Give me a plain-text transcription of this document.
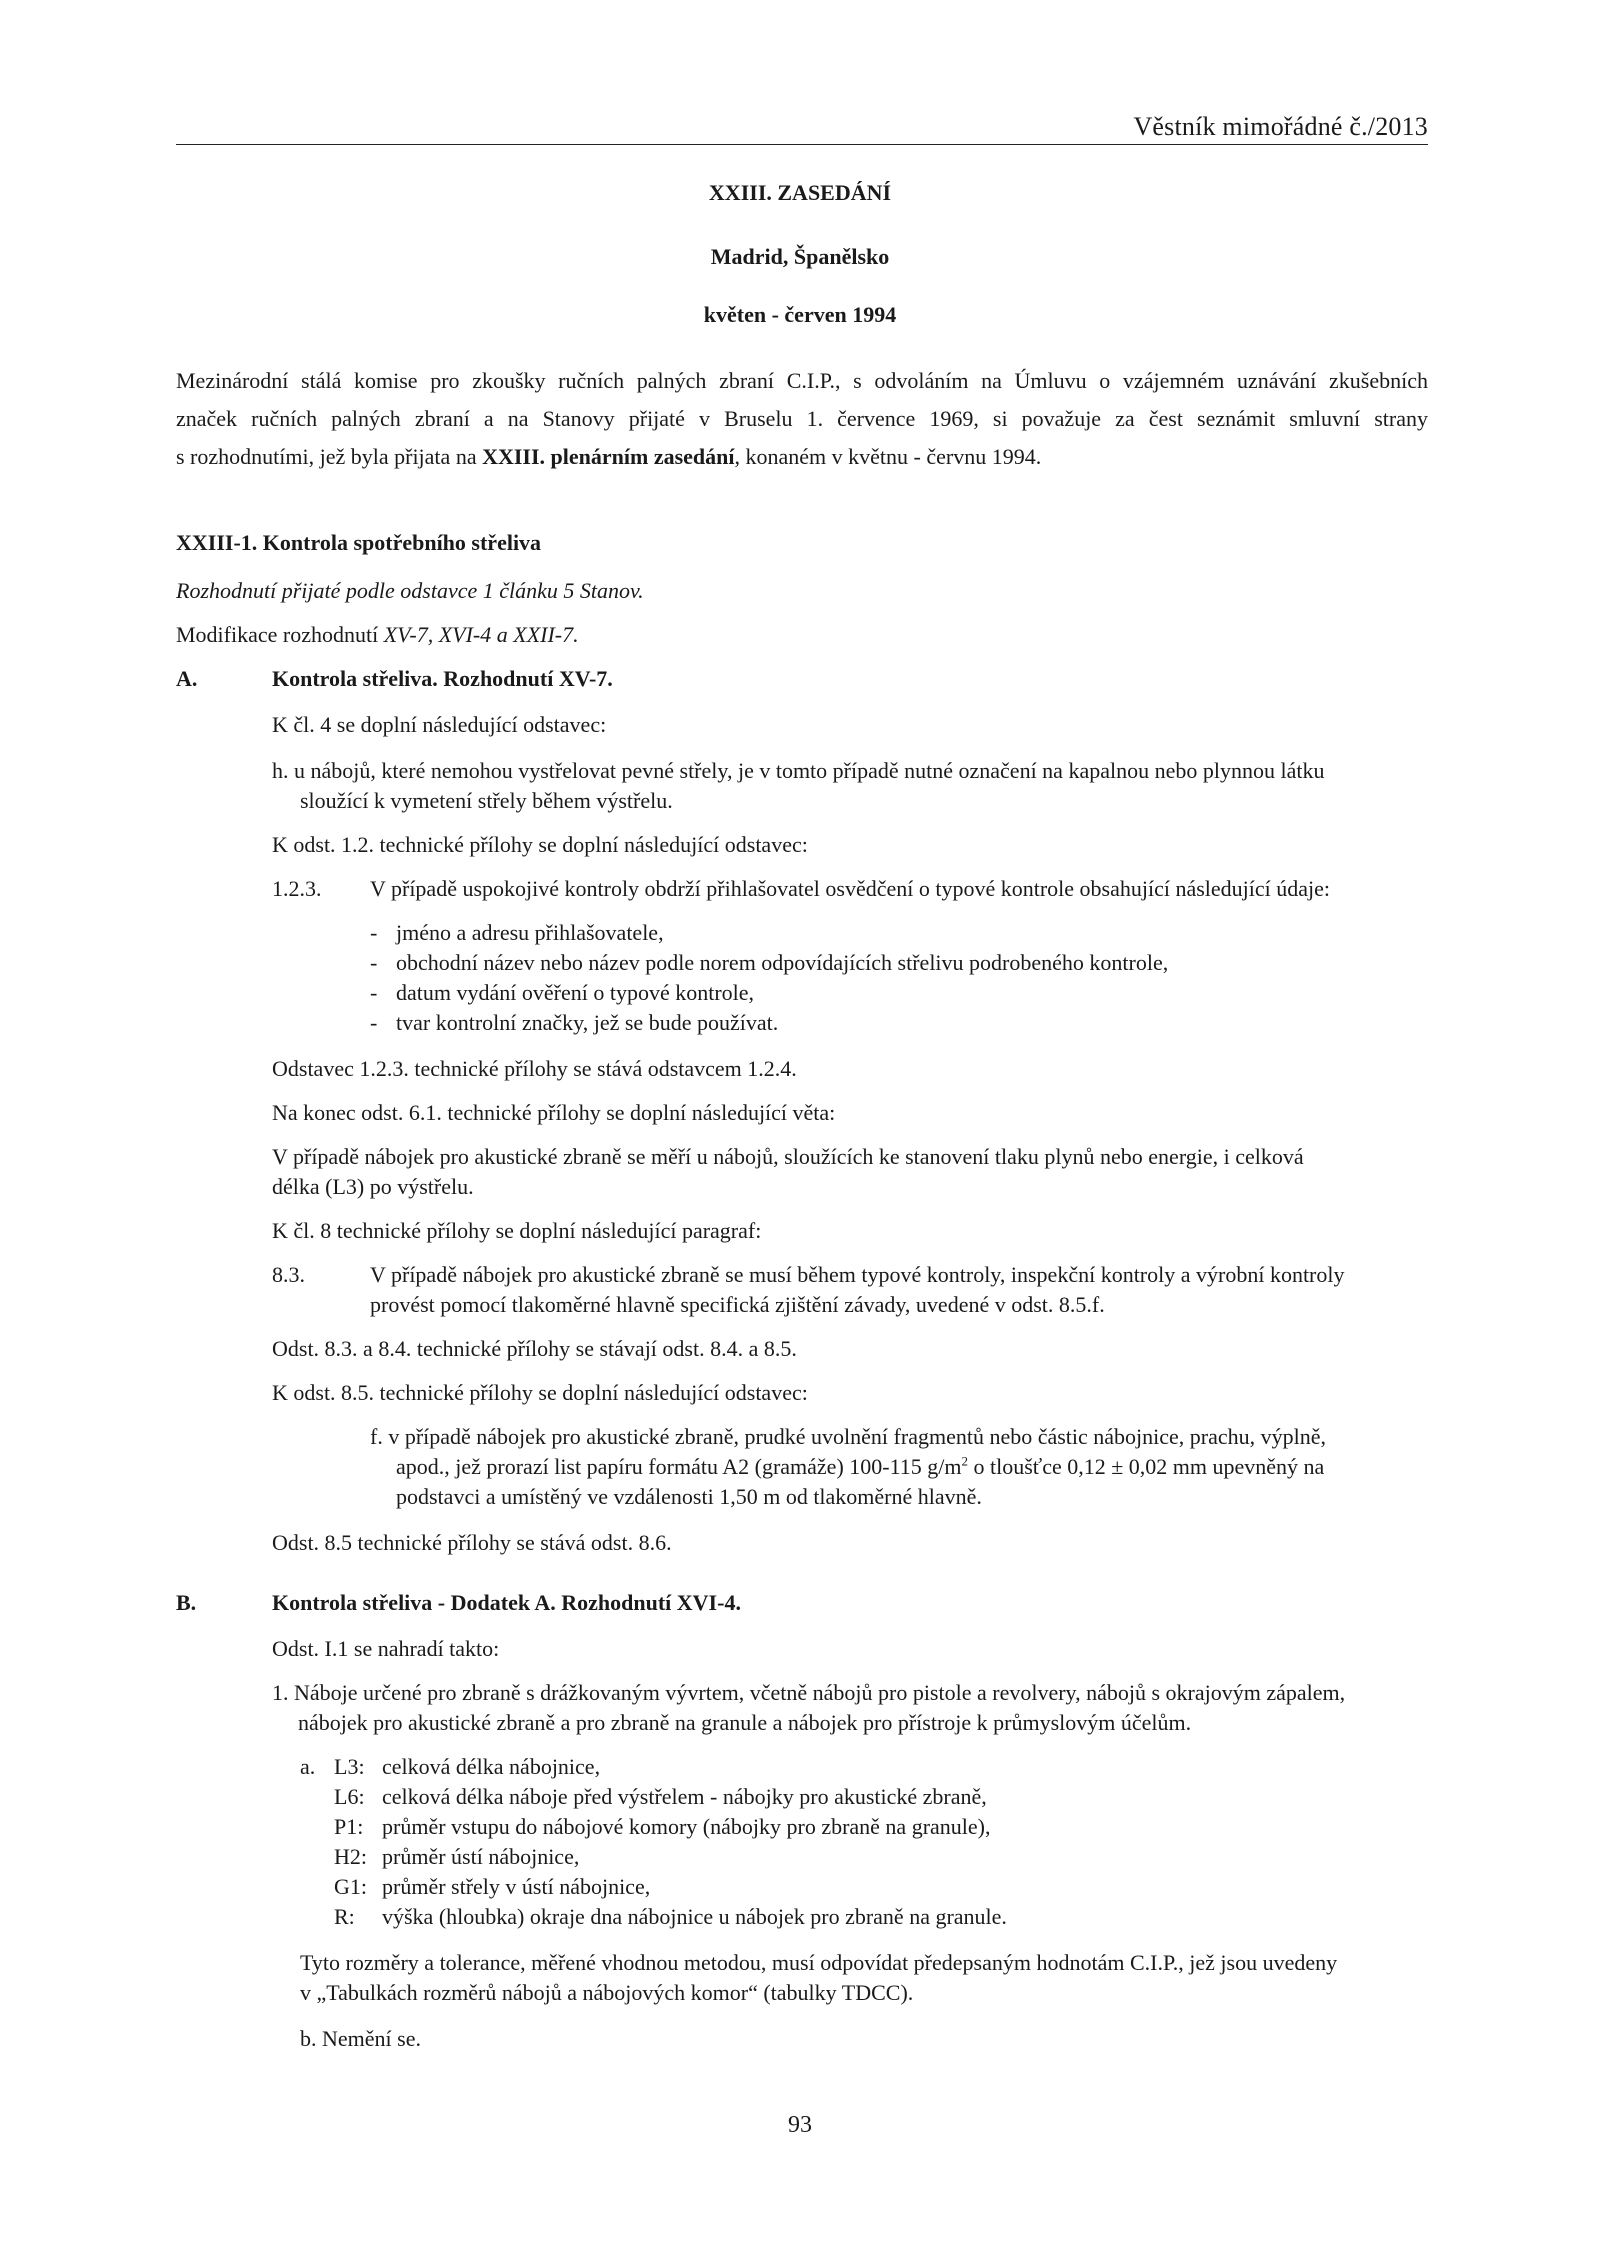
Věstník mimořádné č./2013
XXIII. ZASEDÁNÍ
Madrid, Španělsko
květen - červen 1994
Mezinárodní stálá komise pro zkoušky ručních palných zbraní C.I.P., s odvoláním na Úmluvu o vzájemném uznávání zkušebních
značek ručních palných zbraní a na Stanovy přijaté v Bruselu 1. července 1969, si považuje za čest seznámit smluvní strany
s rozhodnutími, jež byla přijata na XXIII. plenárním zasedání, konaném v květnu - červnu 1994.
XXIII-1. Kontrola spotřebního střeliva
Rozhodnutí přijaté podle odstavce 1 článku 5 Stanov.
Modifikace rozhodnutí XV-7, XVI-4 a XXII-7.
A.	Kontrola střeliva. Rozhodnutí XV-7.
K čl. 4 se doplní následující odstavec:
h. u nábojů, které nemohou vystřelovat pevné střely, je v tomto případě nutné označení na kapalnou nebo plynnou látku
sloužící k vymetení střely během výstřelu.
K odst. 1.2. technické přílohy se doplní následující odstavec:
1.2.3. V případě uspokojivé kontroly obdrží přihlašovatel osvědčení o typové kontrole obsahující následující údaje:
- jméno a adresu přihlašovatele,
- obchodní název nebo název podle norem odpovídajících střelivu podrobeného kontrole,
- datum vydání ověření o typové kontrole,
- tvar kontrolní značky, jež se bude používat.
Odstavec 1.2.3. technické přílohy se stává odstavcem 1.2.4.
Na konec odst. 6.1. technické přílohy se doplní následující věta:
V případě nábojek pro akustické zbraně se měří u nábojů, sloužících ke stanovení tlaku plynů nebo energie, i celková
délka (L3) po výstřelu.
K čl. 8 technické přílohy se doplní následující paragraf:
8.3.	V případě nábojek pro akustické zbraně se musí během typové kontroly, inspekční kontroly a výrobní kontroly
provést pomocí tlakoměrné hlavně specifická zjištění závady, uvedené v odst. 8.5.f.
Odst. 8.3. a 8.4. technické přílohy se stávají odst. 8.4. a 8.5.
K odst. 8.5. technické přílohy se doplní následující odstavec:
f. v případě nábojek pro akustické zbraně, prudké uvolnění fragmentů nebo částic nábojnice, prachu, výplně,
apod., jež prorazí list papíru formátu A2 (gramáže) 100-115 $g/m^2$ o tloušťce 0,12 ± 0,02 mm upevněný na
podstavci a umístěný ve vzdálenosti 1,50 m od tlakoměrné hlavně.
Odst. 8.5 technické přílohy se stává odst. 8.6.
B.	Kontrola střeliva - Dodatek A. Rozhodnutí XVI-4.
Odst. I.1 se nahradí takto:
1. Náboje určené pro zbraně s drážkovaným vývrtem, včetně nábojů pro pistole a revolvery, nábojů s okrajovým zápalem,
nábojek pro akustické zbraně a pro zbraně na granule a nábojek pro přístroje k průmyslovým účelům.
a. L3: celková délka nábojnice,
L6: celková délka náboje před výstřelem - nábojky pro akustické zbraně,
P1: průměr vstupu do nábojové komory (nábojky pro zbraně na granule),
H2: průměr ústí nábojnice,
G1: průměr střely v ústí nábojnice,
R: výška (hloubka) okraje dna nábojnice u nábojek pro zbraně na granule.
Tyto rozměry a tolerance, měřené vhodnou metodou, musí odpovídat předepsaným hodnotám C.I.P., jež jsou uvedeny
v „Tabulkách rozměrů nábojů a nábojových komor“ (tabulky TDCC).
b. Nemění se.
93
